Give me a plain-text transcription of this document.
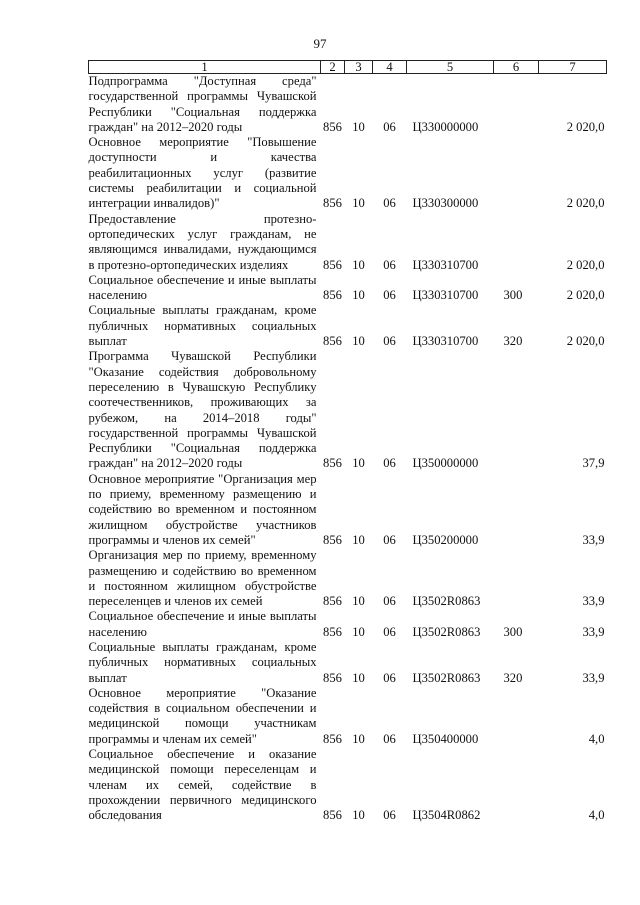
97
1	2	3	4	5	6	7
Подпрограмма "Доступная среда" государственной программы Чувашской Республики "Социальная поддержка граждан" на 2012–2020 годы	856	10	06	Ц330000000		2 020,0
Основное мероприятие "Повышение доступности и качества реабилитационных услуг (развитие системы реабилитации и социальной интеграции инвалидов)"	856	10	06	Ц330300000		2 020,0
Предоставление протезно-ортопедических услуг гражданам, не являющимся инвалидами, нуждающимся в протезно-ортопедических изделиях	856	10	06	Ц330310700		2 020,0
Социальное обеспечение и иные выплаты населению	856	10	06	Ц330310700	300	2 020,0
Социальные выплаты гражданам, кроме публичных нормативных социальных выплат	856	10	06	Ц330310700	320	2 020,0
Программа Чувашской Республики "Оказание содействия добровольному переселению в Чувашскую Республику соотечественников, проживающих за рубежом, на 2014–2018 годы" государственной программы Чувашской Республики "Социальная поддержка граждан" на 2012–2020 годы	856	10	06	Ц350000000		37,9
Основное мероприятие "Организация мер по приему, временному размещению и содействию во временном и постоянном жилищном обустройстве участников программы и членов их семей"	856	10	06	Ц350200000		33,9
Организация мер по приему, временному размещению и содействию во временном и постоянном жилищном обустройстве переселенцев и членов их семей	856	10	06	Ц3502R0863		33,9
Социальное обеспечение и иные выплаты населению	856	10	06	Ц3502R0863	300	33,9
Социальные выплаты гражданам, кроме публичных нормативных социальных выплат	856	10	06	Ц3502R0863	320	33,9
Основное мероприятие "Оказание содействия в социальном обеспечении и медицинской помощи участникам программы и членам их семей"	856	10	06	Ц350400000		4,0
Социальное обеспечение и оказание медицинской помощи переселенцам и членам их семей, содействие в прохождении первичного медицинского обследования	856	10	06	Ц3504R0862		4,0
